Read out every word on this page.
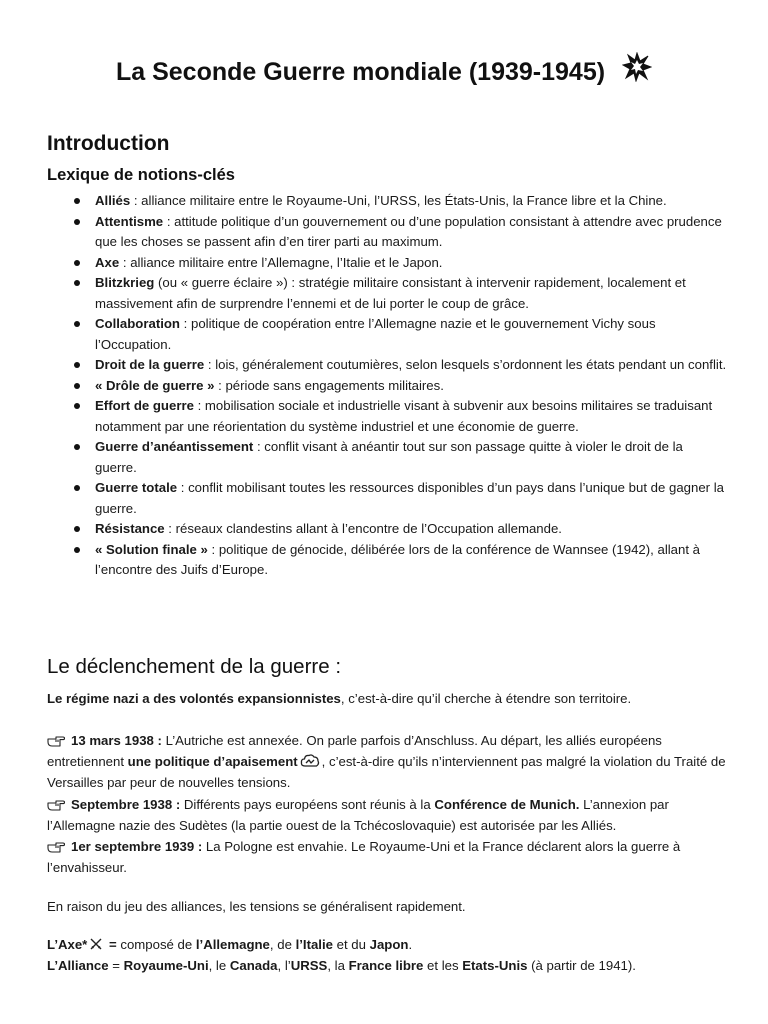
La Seconde Guerre mondiale (1939-1945)
Introduction
Lexique de notions-clés
Alliés : alliance militaire entre le Royaume-Uni, l’URSS, les États-Unis, la France libre et la Chine.
Attentisme : attitude politique d’un gouvernement ou d’une population consistant à attendre avec prudence que les choses se passent afin d’en tirer parti au maximum.
Axe : alliance militaire entre l’Allemagne, l’Italie et le Japon.
Blitzkrieg (ou « guerre éclaire ») : stratégie militaire consistant à intervenir rapidement, localement et massivement afin de surprendre l’ennemi et de lui porter le coup de grâce.
Collaboration : politique de coopération entre l’Allemagne nazie et le gouvernement Vichy sous l’Occupation.
Droit de la guerre : lois, généralement coutumières, selon lesquels s’ordonnent les états pendant un conflit.
« Drôle de guerre » : période sans engagements militaires.
Effort de guerre : mobilisation sociale et industrielle visant à subvenir aux besoins militaires se traduisant notamment par une réorientation du système industriel et une économie de guerre.
Guerre d’anéantissement : conflit visant à anéantir tout sur son passage quitte à violer le droit de la guerre.
Guerre totale : conflit mobilisant toutes les ressources disponibles d’un pays dans l’unique but de gagner la guerre.
Résistance : réseaux clandestins allant à l’encontre de l’Occupation allemande.
« Solution finale » : politique de génocide, délibérée lors de la conférence de Wannsee (1942), allant à l’encontre des Juifs d’Europe.
Le déclenchement de la guerre :

Le régime nazi a des volontés expansionnistes, c’est-à-dire qu’il cherche à étendre son territoire.

13 mars 1938 : L’Autriche est annexée. On parle parfois d’Anschluss. Au départ, les alliés européens entretiennent une politique d’apaisement , c’est-à-dire qu’ils n’interviennent pas malgré la violation du Traité de Versailles par peur de nouvelles tensions.

Septembre 1938 : Différents pays européens sont réunis à la Conférence de Munich. L’annexion par l’Allemagne nazie des Sudètes (la partie ouest de la Tchécoslovaquie) est autorisée par les Alliés.

1er septembre 1939 : La Pologne est envahie. Le Royaume-Uni et la France déclarent alors la guerre à l’envahisseur.

En raison du jeu des alliances, les tensions se généralisent rapidement.

L’Axe* = composé de l’Allemagne, de l’Italie et du Japon.

L’Alliance = Royaume-Uni, le Canada, l’URSS, la France libre et les Etats-Unis (à partir de 1941).
